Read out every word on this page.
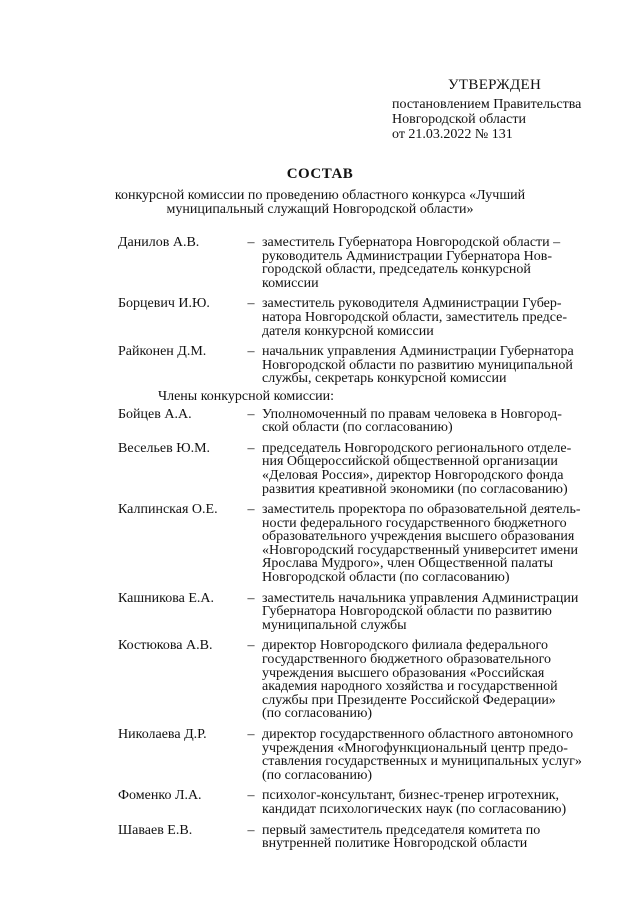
УТВЕРЖДЕН
постановлением Правительства
Новгородской области
от 21.03.2022 № 131
СОСТАВ
конкурсной комиссии по проведению областного конкурса «Лучший
муниципальный служащий Новгородской области»
Данилов А.В.	– заместитель Губернатора Новгородской области –
руководитель Администрации Губернатора Нов-
городской области, председатель конкурсной
комиссии
Борцевич И.Ю.	– заместитель руководителя Администрации Губер-
натора Новгородской области, заместитель предсе-
дателя конкурсной комиссии
Райконен Д.М.	– начальник управления Администрации Губернатора
Новгородской области по развитию муниципальной
службы, секретарь конкурсной комиссии
Члены конкурсной комиссии:
Бойцев А.А.	– Уполномоченный по правам человека в Новгород-
ской области (по согласованию)
Весельев Ю.М.	– председатель Новгородского регионального отделе-
ния Общероссийской общественной организации
«Деловая Россия», директор Новгородского фонда
развития креативной экономики (по согласованию)
Калпинская О.Е.	– заместитель проректора по образовательной деятель-
ности федерального государственного бюджетного
образовательного учреждения высшего образования
«Новгородский государственный университет имени
Ярослава Мудрого», член Общественной палаты
Новгородской области (по согласованию)
Кашникова Е.А.	– заместитель начальника управления Администрации
Губернатора Новгородской области по развитию
муниципальной службы
Костюкова А.В.	– директор Новгородского филиала федерального
государственного бюджетного образовательного
учреждения высшего образования «Российская
академия народного хозяйства и государственной
службы при Президенте Российской Федерации»
(по согласованию)
Николаева Д.Р.	– директор государственного областного автономного
учреждения «Многофункциональный центр предо-
ставления государственных и муниципальных услуг»
(по согласованию)
Фоменко Л.А.	– психолог-консультант, бизнес-тренер игротехник,
кандидат психологических наук (по согласованию)
Шаваев Е.В.	– первый заместитель председателя комитета по
внутренней политике Новгородской области
